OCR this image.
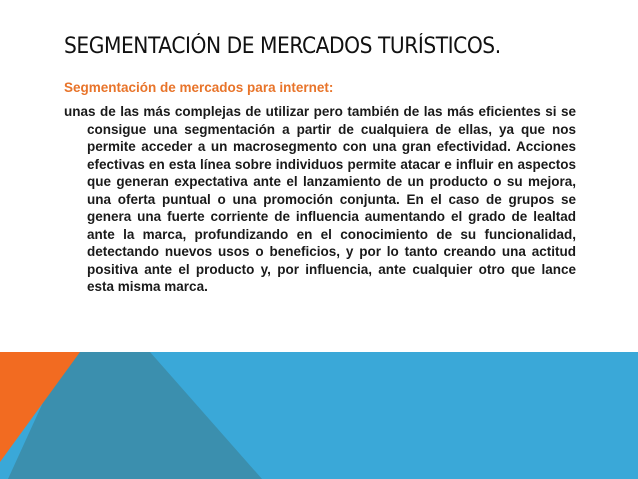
SEGMENTACIÓN DE MERCADOS TURÍSTICOS.

Segmentación de mercados para internet:

unas de las más complejas de utilizar pero también de las más eficientes si se consigue una segmentación a partir de cualquiera de ellas, ya que nos permite acceder a un macrosegmento con una gran efectividad. Acciones efectivas en esta línea sobre individuos permite atacar e influir en aspectos que generan expectativa ante el lanzamiento de un producto o su mejora, una oferta puntual o una promoción conjunta. En el caso de grupos se genera una fuerte corriente de influencia aumentando el grado de lealtad ante la marca, profundizando en el conocimiento de su funcionalidad, detectando nuevos usos o beneficios, y por lo tanto creando una actitud positiva ante el producto y, por influencia, ante cualquier otro que lance esta misma marca.
